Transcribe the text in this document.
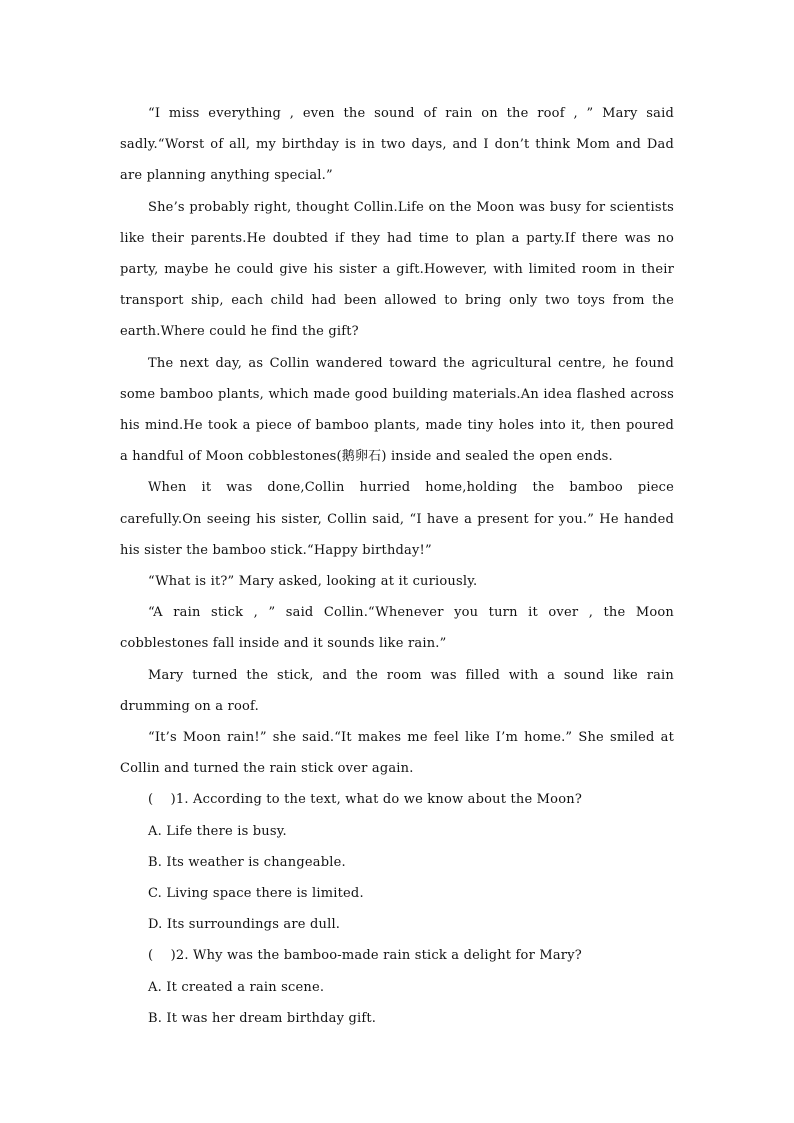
“I miss everything , even the sound of rain on the roof , ” Mary said sadly.“Worst of all, my birthday is in two days, and I don’t think Mom and Dad are planning anything special.”

She’s probably right, thought Collin.Life on the Moon was busy for scientists like their parents.He doubted if they had time to plan a party.If there was no party, maybe he could give his sister a gift.However, with limited room in their transport ship, each child had been allowed to bring only two toys from the earth.Where could he find the gift?

The next day, as Collin wandered toward the agricultural centre, he found some bamboo plants, which made good building materials.An idea flashed across his mind.He took a piece of bamboo plants, made tiny holes into it, then poured a handful of Moon cobblestones(鹅卵石) inside and sealed the open ends.

When it was done,Collin hurried home,holding the bamboo piece carefully.On seeing his sister, Collin said, “I have a present for you.” He handed his sister the bamboo stick.“Happy birthday!”

“What is it?” Mary asked, looking at it curiously.

“A rain stick , ” said Collin.“Whenever you turn it over , the Moon cobblestones fall inside and it sounds like rain.”

Mary turned the stick, and the room was filled with a sound like rain drumming on a roof.

“It’s Moon rain!” she said.“It makes me feel like I’m home.” She smiled at Collin and turned the rain stick over again.

(    )1. According to the text, what do we know about the Moon?

A. Life there is busy.

B. Its weather is changeable.

C. Living space there is limited.

D. Its surroundings are dull.

(    )2. Why was the bamboo-made rain stick a delight for Mary?

A. It created a rain scene.

B. It was her dream birthday gift.
